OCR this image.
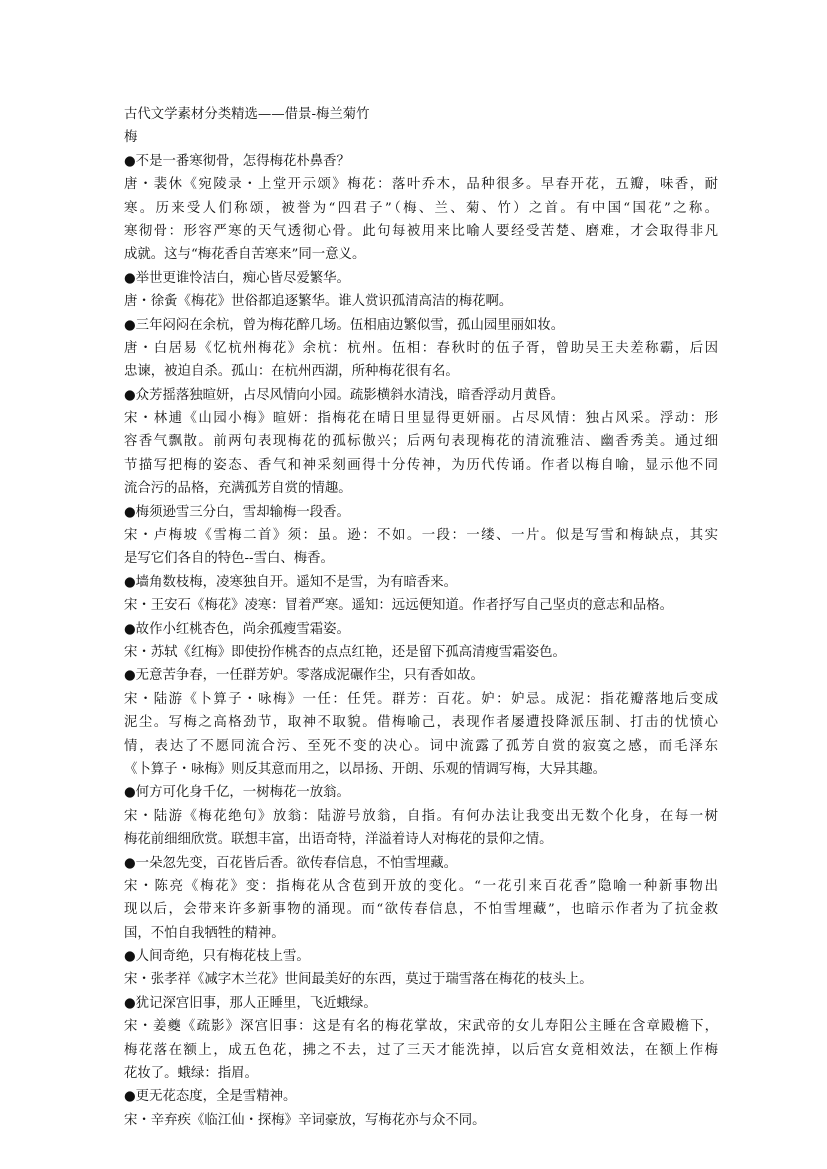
古代文学素材分类精选——借景-梅兰菊竹
梅
●不是一番寒彻骨，怎得梅花朴鼻香？
唐・裴休《宛陵录・上堂开示颂》梅花：落叶乔木，品种很多。早春开花，五瓣，味香，耐
寒。历来受人们称颂，被誉为“四君子”（梅、兰、菊、竹）之首。有中国“国花”之称。
寒彻骨：形容严寒的天气透彻心骨。此句每被用来比喻人要经受苦楚、磨难，才会取得非凡
成就。这与“梅花香自苦寒来”同一意义。
●举世更谁怜洁白，痴心皆尽爱繁华。
唐・徐夤《梅花》世俗都追逐繁华。谁人赏识孤清高洁的梅花啊。
●三年闷闷在余杭，曾为梅花醉几场。伍相庙边繁似雪，孤山园里丽如妆。
唐・白居易《忆杭州梅花》余杭：杭州。伍相：春秋时的伍子胥，曾助吴王夫差称霸，后因
忠谏，被迫自杀。孤山：在杭州西湖，所种梅花很有名。
●众芳摇落独暄妍，占尽风情向小园。疏影横斜水清浅，暗香浮动月黄昏。
宋・林逋《山园小梅》暄妍：指梅花在晴日里显得更妍丽。占尽风情：独占风采。浮动：形
容香气飘散。前两句表现梅花的孤标傲兴；后两句表现梅花的清流雅洁、幽香秀美。通过细
节描写把梅的姿态、香气和神采刻画得十分传神，为历代传诵。作者以梅自喻，显示他不同
流合污的品格，充满孤芳自赏的情趣。
●梅须逊雪三分白，雪却输梅一段香。
宋・卢梅坡《雪梅二首》须：虽。逊：不如。一段：一缕、一片。似是写雪和梅缺点，其实
是写它们各自的特色--雪白、梅香。
●墙角数枝梅，凌寒独自开。遥知不是雪，为有暗香来。
宋・王安石《梅花》凌寒：冒着严寒。遥知：远远便知道。作者抒写自己坚贞的意志和品格。
●故作小红桃杏色，尚余孤瘦雪霜姿。
宋・苏轼《红梅》即使扮作桃杏的点点红艳，还是留下孤高清瘦雪霜姿色。
●无意苦争春，一任群芳妒。零落成泥碾作尘，只有香如故。
宋・陆游《卜算子・咏梅》一任：任凭。群芳：百花。妒：妒忌。成泥：指花瓣落地后变成
泥尘。写梅之高格劲节，取神不取貌。借梅喻己，表现作者屡遭投降派压制、打击的忧愤心
情，表达了不愿同流合污、至死不变的决心。词中流露了孤芳自赏的寂寞之感，而毛泽东
《卜算子・咏梅》则反其意而用之，以昂扬、开朗、乐观的情调写梅，大异其趣。
●何方可化身千亿，一树梅花一放翁。
宋・陆游《梅花绝句》放翁：陆游号放翁，自指。有何办法让我变出无数个化身，在每一树
梅花前细细欣赏。联想丰富，出语奇特，洋溢着诗人对梅花的景仰之情。
●一朵忽先变，百花皆后香。欲传春信息，不怕雪埋藏。
宋・陈亮《梅花》变：指梅花从含苞到开放的变化。“一花引来百花香”隐喻一种新事物出
现以后，会带来许多新事物的涌现。而“欲传春信息，不怕雪埋藏”，也暗示作者为了抗金救
国，不怕自我牺牲的精神。
●人间奇绝，只有梅花枝上雪。
宋・张孝祥《减字木兰花》世间最美好的东西，莫过于瑞雪落在梅花的枝头上。
●犹记深宫旧事，那人正睡里，飞近蛾绿。
宋・姜夔《疏影》深宫旧事：这是有名的梅花掌故，宋武帝的女儿寿阳公主睡在含章殿檐下，
梅花落在额上，成五色花，拂之不去，过了三天才能洗掉，以后宫女竟相效法，在额上作梅
花妆了。蛾绿：指眉。
●更无花态度，全是雪精神。
宋・辛弃疾《临江仙・探梅》辛词豪放，写梅花亦与众不同。
